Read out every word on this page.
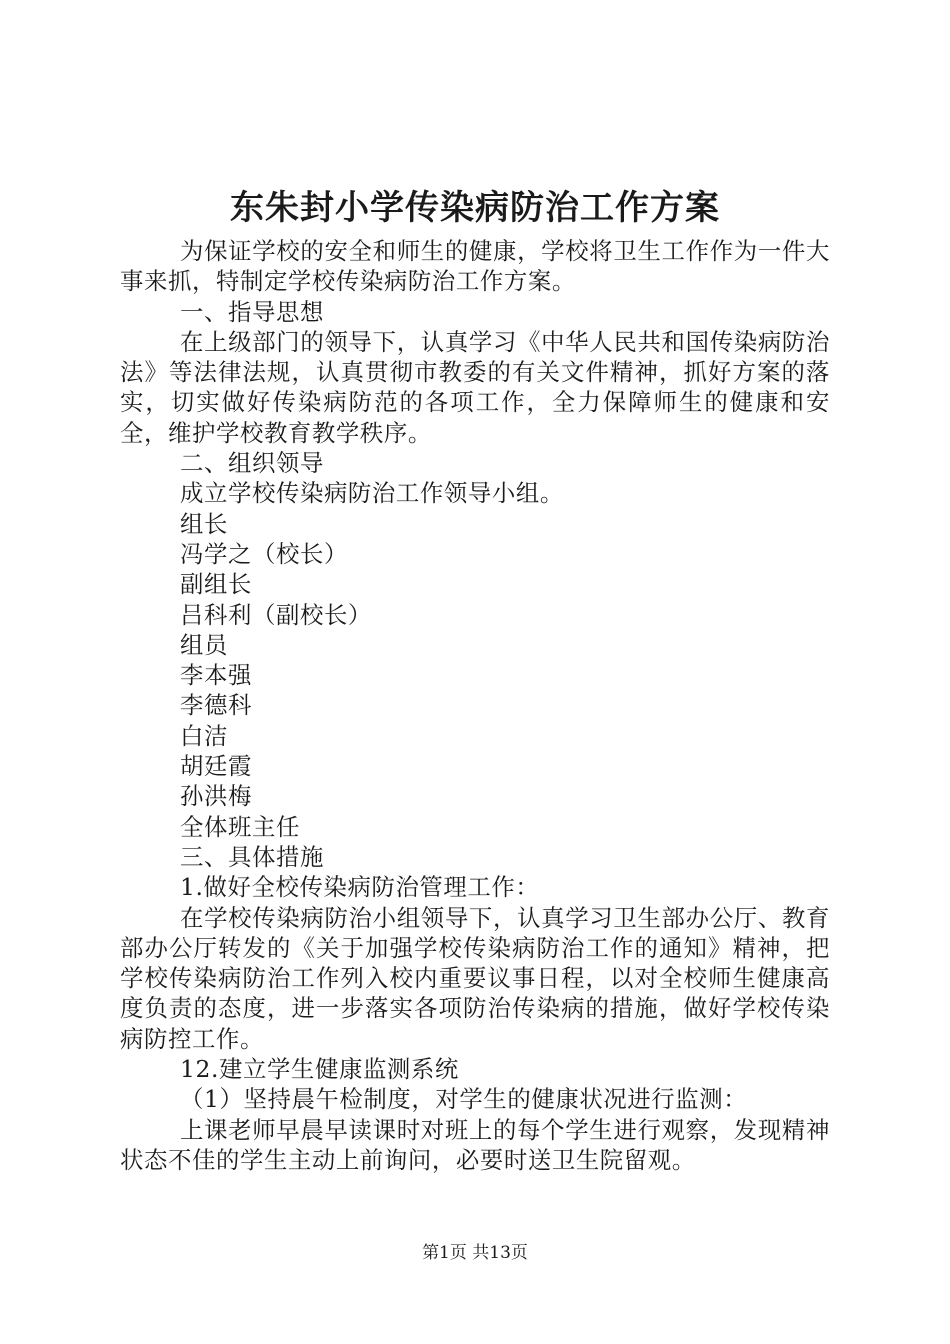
东朱封小学传染病防治工作方案

为保证学校的安全和师生的健康，学校将卫生工作作为一件大事来抓，特制定学校传染病防治工作方案。

一、指导思想

在上级部门的领导下，认真学习《中华人民共和国传染病防治法》等法律法规，认真贯彻市教委的有关文件精神，抓好方案的落实，切实做好传染病防范的各项工作，全力保障师生的健康和安全，维护学校教育教学秩序。

二、组织领导

成立学校传染病防治工作领导小组。

组长

冯学之（校长）

副组长

吕科利（副校长）

组员

李本强

李德科

白洁

胡廷霞

孙洪梅

全体班主任

三、具体措施

1.做好全校传染病防治管理工作：

在学校传染病防治小组领导下，认真学习卫生部办公厅、教育部办公厅转发的《关于加强学校传染病防治工作的通知》精神，把学校传染病防治工作列入校内重要议事日程，以对全校师生健康高度负责的态度，进一步落实各项防治传染病的措施，做好学校传染病防控工作。

12.建立学生健康监测系统

（1）坚持晨午检制度，对学生的健康状况进行监测：

上课老师早晨早读课时对班上的每个学生进行观察，发现精神状态不佳的学生主动上前询问，必要时送卫生院留观。

第1页 共13页
